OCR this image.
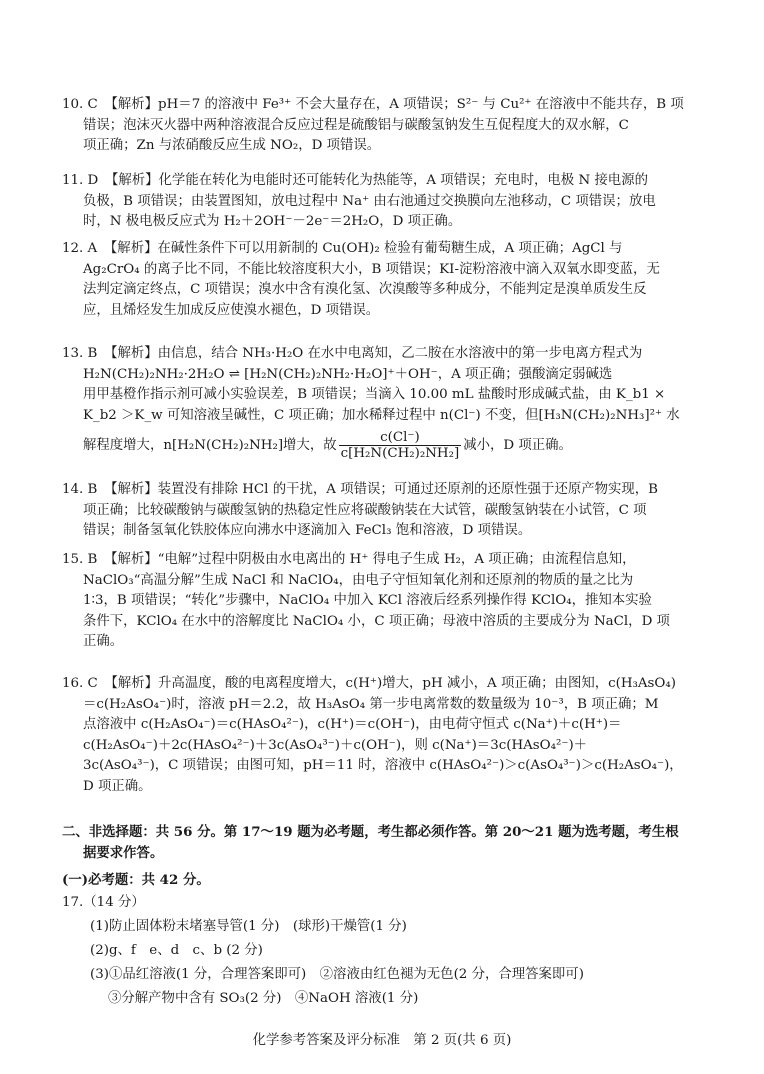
10. C　【解析】pH＝7 的溶液中 Fe³⁺ 不会大量存在，A 项错误；S²⁻ 与 Cu²⁺ 在溶液中不能共存，B 项
错误；泡沫灭火器中两种溶液混合反应过程是硫酸铝与碳酸氢钠发生互促程度大的双水解，C
项正确；Zn 与浓硝酸反应生成 NO₂，D 项错误。
11. D　【解析】化学能在转化为电能时还可能转化为热能等，A 项错误；充电时，电极 N 接电源的
负极，B 项错误；由装置图知，放电过程中 Na⁺ 由右池通过交换膜向左池移动，C 项错误；放电
时，N 极电极反应式为 H₂＋2OH⁻－2e⁻＝2H₂O，D 项正确。
12. A　【解析】在碱性条件下可以用新制的 Cu(OH)₂ 检验有葡萄糖生成，A 项正确；AgCl 与
Ag₂CrO₄ 的离子比不同，不能比较溶度积大小，B 项错误；KI-淀粉溶液中滴入双氧水即变蓝，无
法判定滴定终点，C 项错误；溴水中含有溴化氢、次溴酸等多种成分，不能判定是溴单质发生反
应，且烯烃发生加成反应使溴水褪色，D 项错误。
13. B　【解析】由信息，结合 NH₃·H₂O 在水中电离知，乙二胺在水溶液中的第一步电离方程式为
H₂N(CH₂)₂NH₂·2H₂O ⇌ [H₂N(CH₂)₂NH₂·H₂O]⁺＋OH⁻，A 项正确；强酸滴定弱碱选
用甲基橙作指示剂可减小实验误差，B 项错误；当滴入 10.00 mL 盐酸时形成碱式盐，由 K_b1 ×
K_b2 ＞K_w 可知溶液呈碱性，C 项正确；加水稀释过程中 n(Cl⁻) 不变，但[H₃N(CH₂)₂NH₃]²⁺ 水
解程度增大，n[H₂N(CH₂)₂NH₂]增大，故 $\frac{c(Cl^-)}{\text{c[H₂N(CH₂)₂NH₂]}}$ 减小，D 项正确。
14. B　【解析】装置没有排除 HCl 的干扰，A 项错误；可通过还原剂的还原性强于还原产物实现，B
项正确；比较碳酸钠与碳酸氢钠的热稳定性应将碳酸钠装在大试管，碳酸氢钠装在小试管，C 项
错误；制备氢氧化铁胶体应向沸水中逐滴加入 FeCl₃ 饱和溶液，D 项错误。
15. B　【解析】“电解”过程中阴极由水电离出的 H⁺ 得电子生成 H₂，A 项正确；由流程信息知，
NaClO₃“高温分解”生成 NaCl 和 NaClO₄，由电子守恒知氧化剂和还原剂的物质的量之比为
1∶3，B 项错误；“转化”步骤中，NaClO₄ 中加入 KCl 溶液后经系列操作得 KClO₄，推知本实验
条件下，KClO₄ 在水中的溶解度比 NaClO₄ 小，C 项正确；母液中溶质的主要成分为 NaCl，D 项
正确。
16. C　【解析】升高温度，酸的电离程度增大，c(H⁺)增大，pH 减小，A 项正确；由图知，c(H₃AsO₄)
＝c(H₂AsO₄⁻)时，溶液 pH＝2.2，故 H₃AsO₄ 第一步电离常数的数量级为 10⁻³，B 项正确；M
点溶液中 c(H₂AsO₄⁻)＝c(HAsO₄²⁻)，c(H⁺)＝c(OH⁻)，由电荷守恒式 c(Na⁺)＋c(H⁺)＝
c(H₂AsO₄⁻)＋2c(HAsO₄²⁻)＋3c(AsO₄³⁻)＋c(OH⁻)，则 c(Na⁺)＝3c(HAsO₄²⁻)＋
3c(AsO₄³⁻)，C 项错误；由图可知，pH＝11 时，溶液中 c(HAsO₄²⁻)＞c(AsO₄³⁻)＞c(H₂AsO₄⁻)，
D 项正确。
二、非选择题：共 56 分。第 17～19 题为必考题，考生都必须作答。第 20～21 题为选考题，考生根
据要求作答。
(一)必考题：共 42 分。
17.（14 分）
(1)防止固体粉末堵塞导管(1 分)　(球形)干燥管(1 分)
(2)g、f　e、d　c、b (2 分)
(3)①品红溶液(1 分，合理答案即可)　②溶液由红色褪为无色(2 分，合理答案即可)
③分解产物中含有 SO₃(2 分)　④NaOH 溶液(1 分)
化学参考答案及评分标准　第 2 页(共 6 页)
